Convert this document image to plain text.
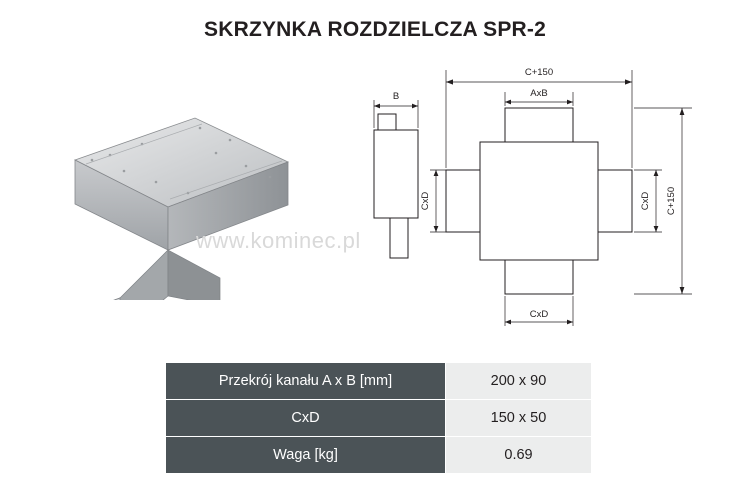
SKRZYNKA ROZDZIELCZA SPR-2
B
C+150
AxB
CxD	CxD C+150
CxD
www.kominec.pl
Przekrój kanału A x B [mm]	200 x 90
CxD	150 x 50
Waga [kg]	0.69
